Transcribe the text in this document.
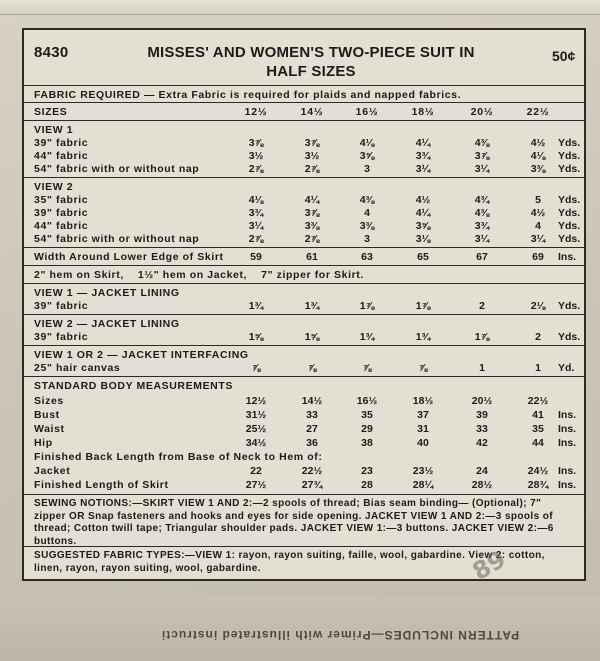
8430	MISSES' AND WOMEN'S TWO-PIECE SUIT IN
HALF SIZES
50¢
FABRIC REQUIRED — Extra Fabric is required for plaids and napped fabrics.
SIZES	12½	14½	16½	18½	20½	22½
VIEW 1
39" fabric	3⅞	3⅞	4⅛	4¼	4⅜	4½	Yds.
44" fabric	3½	3½	3⅝	3¾	3⅞	4⅛	Yds.
54" fabric with or without nap	2⅞	2⅞	3	3¼	3¼	3⅜	Yds.
VIEW 2
35" fabric	4⅛	4¼	4⅜	4½	4¾	5	Yds.
39" fabric	3¾	3⅞	4	4¼	4⅜	4½	Yds.
44" fabric	3¼	3⅜	3⅜	3⅝	3¾	4	Yds.
54" fabric with or without nap	2⅞	2⅞	3	3⅛	3¼	3¼	Yds.
Width Around Lower Edge of Skirt	59	61	63	65	67	69	Ins.
2" hem on Skirt,    1½" hem on Jacket,    7" zipper for Skirt.
VIEW 1 — JACKET LINING
39" fabric	1¾	1¾	1⅞	1⅞	2	2⅛	Yds.
VIEW 2 — JACKET LINING
39" fabric	1⅝	1⅝	1¾	1¾	1⅞	2	Yds.
VIEW 1 OR 2 — JACKET INTERFACING
25" hair canvas	⅞	⅞	⅞	⅞	1	1	Yd.
STANDARD BODY MEASUREMENTS
Sizes	12½	14½	16½	18½	20½	22½
Bust	31½	33	35	37	39	41	Ins.
Waist	25½	27	29	31	33	35	Ins.
Hip	34½	36	38	40	42	44	Ins.
Finished Back Length from Base of Neck to Hem of:
Jacket	22	22½	23	23½	24	24½ Ins.
Finished Length of Skirt	27½	27¾	28	28¼	28½	28¾ Ins.
SEWING NOTIONS:—SKIRT VIEW 1 AND 2:—2 spools of thread; Bias seam binding— (Optional); 7" zipper OR Snap fasteners and hooks and eyes for side opening. JACKET VIEW 1 AND 2:—3 spools of thread; Cotton twill tape; Triangular shoulder pads. JACKET VIEW 1:—3 buttons. JACKET VIEW 2:—6 buttons.
SUGGESTED FABRIC TYPES:—VIEW 1: rayon, rayon suiting, faille, wool, gabardine. View 2: cotton, linen, rayon, rayon suiting, wool, gabardine.	89
PATTERN INCLUDES—Primer with illustrated instructi
